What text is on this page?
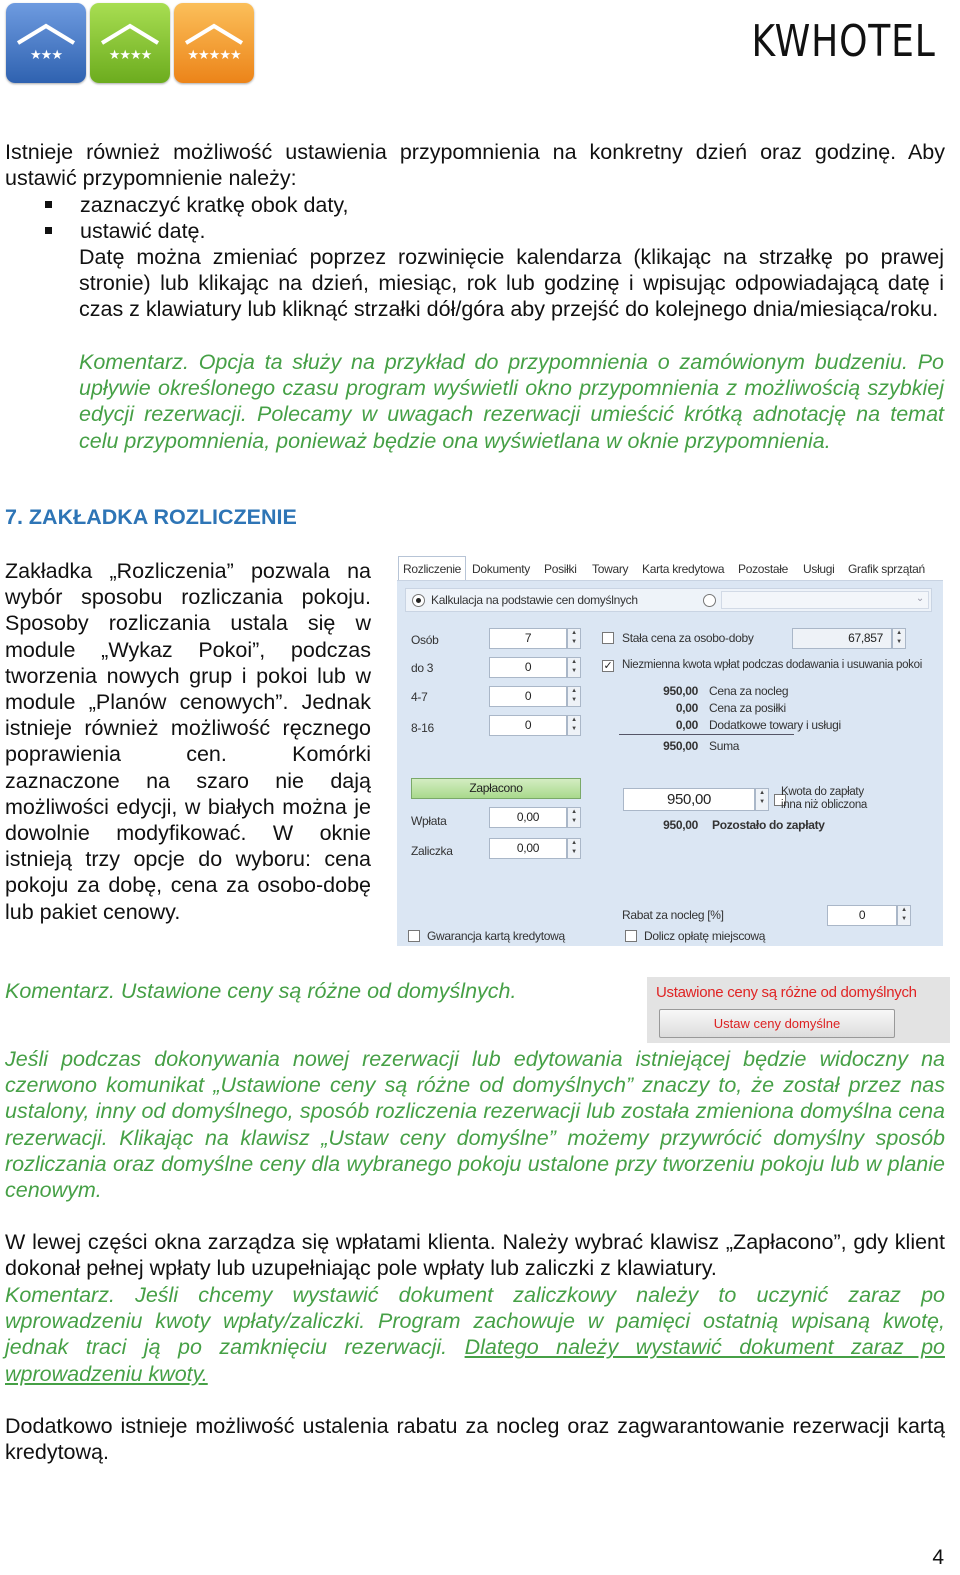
★★★	★★★★	★★★★★	KWHOTEL
Istnieje również możliwość ustawienia przypomnienia na konkretny dzień oraz godzinę. Aby ustawić przypomnienie należy:
zaznaczyć kratkę obok daty,
ustawić datę.
Datę można zmieniać poprzez rozwinięcie kalendarza (klikając na strzałkę po prawej stronie) lub klikając na dzień, miesiąc, rok lub godzinę i wpisując odpowiadającą datę i czas z klawiatury lub kliknąć strzałki dół/góra aby przejść do kolejnego dnia/miesiąca/roku.
Komentarz. Opcja ta służy na przykład do przypomnienia o zamówionym budzeniu. Po upływie określonego czasu program wyświetli okno przypomnienia z możliwością szybkiej edycji rezerwacji. Polecamy w uwagach rezerwacji umieścić krótką adnotację na temat celu przypomnienia, ponieważ będzie ona wyświetlana w oknie przypomnienia.
7. ZAKŁADKA ROZLICZENIE
Zakładka „Rozliczenia” pozwala na wybór sposobu rozliczania pokoju. Sposoby rozliczania ustala się w module „Wykaz Pokoi”, podczas tworzenia nowych grup i pokoi lub w module „Planów cenowych”. Jednak istnieje również możliwość ręcznego poprawienia cen. Komórki zaznaczone na szaro nie dają możliwości edycji, w białych można je dowolnie modyfikować. W oknie istnieją trzy opcje do wyboru: cena pokoju za dobę, cena za osobo-dobę lub pakiet cenowy.
Rozliczenie Dokumenty Posiłki Towary Karta kredytowa Pozostałe Usługi Grafik sprzątań
Kalkulacja na podstawie cen domyślnych	⌄
Osób	7	▲
▼
do 3	0	▲
▼
4-7	0	▲
▼
8-16	0	▲
▼
Stała cena za osobo-doby	67,857	▲
▼
✓ Niezmienna kwota wpłat podczas dodawania i usuwania pokoi
950,00 Cena za nocleg
0,00 Cena za posiłki
0,00 Dodatkowe towary i usługi
950,00 Suma
Zapłacono
Wpłata	0,00	▲
▼
Zaliczka	0,00	▲
▼
950,00	▲
▼
Kwota do zapłaty
inna niż obliczona
950,00 Pozostało do zapłaty
Rabat za nocleg [%]	0	▲
▼
Gwarancja kartą kredytową	Dolicz opłatę miejscową
Komentarz. Ustawione ceny są różne od domyślnych.	Ustawione ceny są różne od domyślnych
Ustaw ceny domyślne
Jeśli podczas dokonywania nowej rezerwacji lub edytowania istniejącej będzie widoczny na czerwono komunikat „Ustawione ceny są różne od domyślnych” znaczy to, że został przez nas ustalony, inny od domyślnego, sposób rozliczenia rezerwacji lub została zmieniona domyślna cena rezerwacji. Klikając na klawisz „Ustaw ceny domyślne” możemy przywrócić domyślny sposób rozliczania oraz domyślne ceny dla wybranego pokoju ustalone przy tworzeniu pokoju lub w planie cenowym.
W lewej części okna zarządza się wpłatami klienta. Należy wybrać klawisz „Zapłacono”, gdy klient dokonał pełnej wpłaty lub uzupełniając pole wpłaty lub zaliczki z klawiatury.
Komentarz. Jeśli chcemy wystawić dokument zaliczkowy należy to uczynić zaraz po wprowadzeniu kwoty wpłaty/zaliczki. Program zachowuje w pamięci ostatnią wpisaną kwotę, jednak traci ją po zamknięciu rezerwacji. Dlatego należy wystawić dokument zaraz po wprowadzeniu kwoty.
Dodatkowo istnieje możliwość ustalenia rabatu za nocleg oraz zagwarantowanie rezerwacji kartą kredytową.
4
